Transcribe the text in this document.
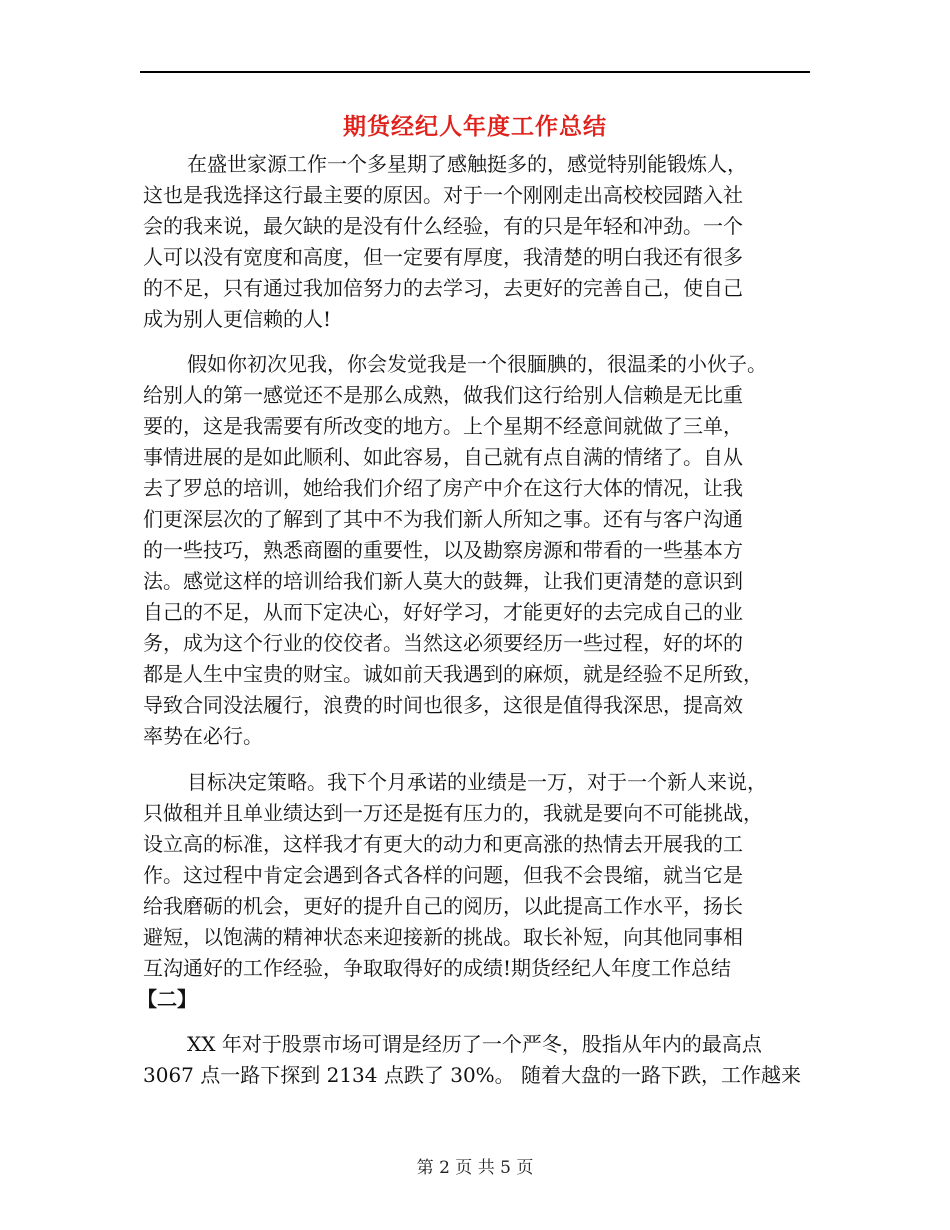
期货经纪人年度工作总结
在盛世家源工作一个多星期了感触挺多的，感觉特别能锻炼人，
这也是我选择这行最主要的原因。对于一个刚刚走出高校校园踏入社
会的我来说，最欠缺的是没有什么经验，有的只是年轻和冲劲。一个
人可以没有宽度和高度，但一定要有厚度，我清楚的明白我还有很多
的不足，只有通过我加倍努力的去学习，去更好的完善自己，使自己
成为别人更信赖的人!
假如你初次见我，你会发觉我是一个很腼腆的，很温柔的小伙子。
给别人的第一感觉还不是那么成熟，做我们这行给别人信赖是无比重
要的，这是我需要有所改变的地方。上个星期不经意间就做了三单，
事情进展的是如此顺利、如此容易，自己就有点自满的情绪了。自从
去了罗总的培训，她给我们介绍了房产中介在这行大体的情况，让我
们更深层次的了解到了其中不为我们新人所知之事。还有与客户沟通
的一些技巧，熟悉商圈的重要性，以及勘察房源和带看的一些基本方
法。感觉这样的培训给我们新人莫大的鼓舞，让我们更清楚的意识到
自己的不足，从而下定决心，好好学习，才能更好的去完成自己的业
务，成为这个行业的佼佼者。当然这必须要经历一些过程，好的坏的
都是人生中宝贵的财宝。诚如前天我遇到的麻烦，就是经验不足所致，
导致合同没法履行，浪费的时间也很多，这很是值得我深思，提高效
率势在必行。
目标决定策略。我下个月承诺的业绩是一万，对于一个新人来说，
只做租并且单业绩达到一万还是挺有压力的，我就是要向不可能挑战，
设立高的标准，这样我才有更大的动力和更高涨的热情去开展我的工
作。这过程中肯定会遇到各式各样的问题，但我不会畏缩，就当它是
给我磨砺的机会，更好的提升自己的阅历，以此提高工作水平，扬长
避短，以饱满的精神状态来迎接新的挑战。取长补短，向其他同事相
互沟通好的工作经验，争取取得好的成绩!期货经纪人年度工作总结
【二】
XX 年对于股票市场可谓是经历了一个严冬，股指从年内的最高点
3067 点一路下探到 2134 点跌了 30%。 随着大盘的一路下跌，工作越来
第 2 页 共 5 页
